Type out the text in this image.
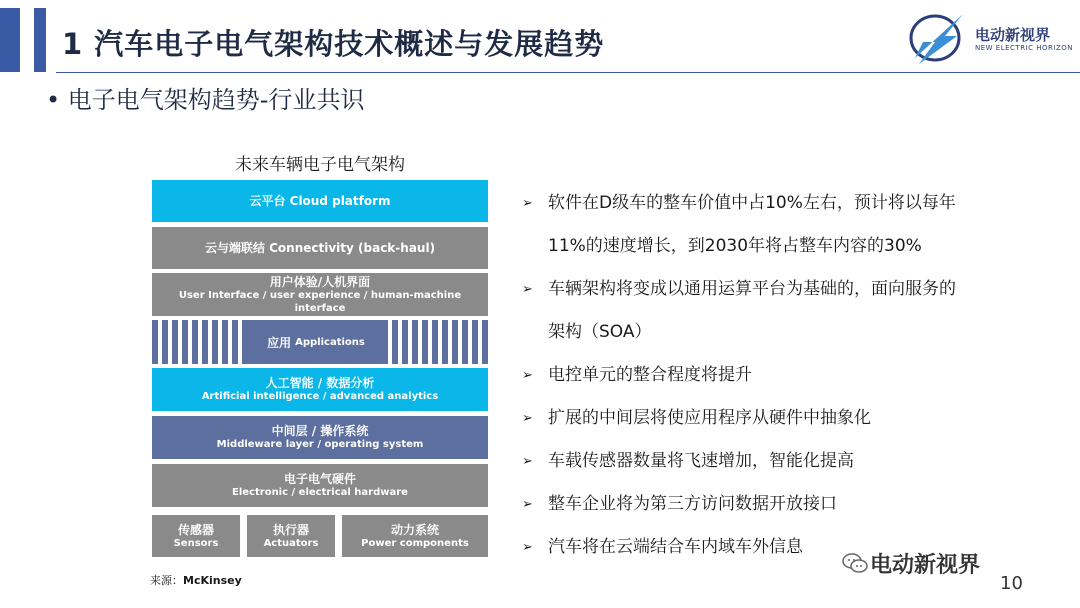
1 汽车电子电气架构技术概述与发展趋势	电动新视界
NEW ELECTRIC HORIZON
• 电子电气架构趋势-行业共识
未来车辆电子电气架构
云平台 Cloud platform
云与端联结 Connectivity (back-haul)
用户体验/人机界面
User Interface / user experience / human-machine interface
应用 Applications
人工智能 / 数据分析
Artificial intelligence / advanced analytics
中间层 / 操作系统
Middleware layer / operating system
电子电气硬件
Electronic / electrical hardware
传感器
Sensors
执行器
Actuators
动力系统
Power components
来源：McKinsey
➢ 软件在D级车的整车价值中占10%左右，预计将以每年
11%的速度增长，到2030年将占整车内容的30%
➢ 车辆架构将变成以通用运算平台为基础的，面向服务的
架构（SOA）
➢ 电控单元的整合程度将提升
➢ 扩展的中间层将使应用程序从硬件中抽象化
➢ 车载传感器数量将飞速增加，智能化提高
➢ 整车企业将为第三方访问数据开放接口
➢ 汽车将在云端结合车内域车外信息
电动新视界
10
